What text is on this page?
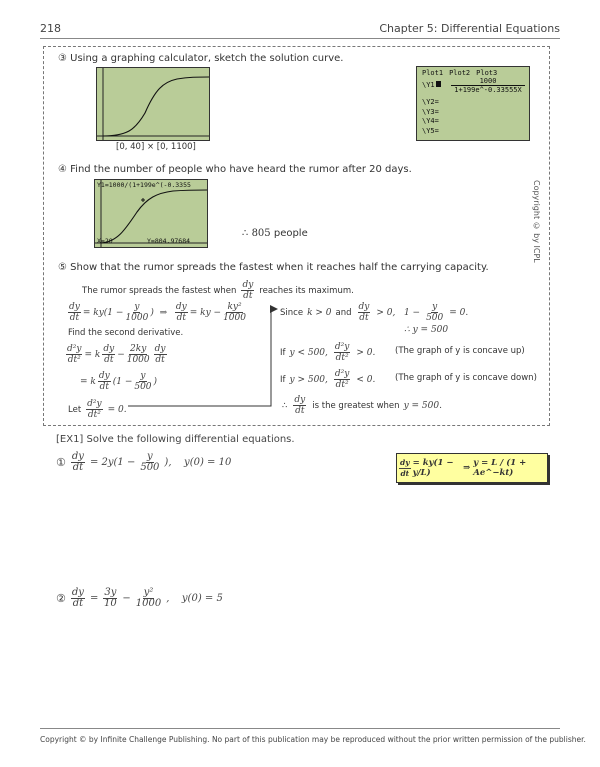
218	Chapter 5: Differential Equations
Copyright © by ICPL
③ Using a graphing calculator, sketch the solution curve.
[0, 40] × [0, 1100]
Plot1 Plot2 Plot3
\Y1	$\frac{1000}{1+199e\^{}-0.33555X}$
\Y2=
\Y3=
\Y4=
\Y5=
④ Find the number of people who have heard the rumor after 20 days.
Y1=1000/(1+199e^(-0.3355
X=20	Y=804.97684
∴ 805 people
⑤ Show that the rumor spreads the fastest when it reaches half the carrying capacity.
The rumor spreads the fastest when $\frac{dy}{dt}$ reaches its maximum.
$\frac{dy}{dt} = ky(1 - \frac{y}{1000}$ )  ⇒ $\frac{dy}{dt}$ = ky − $\frac{\text{ky²}}{1000}$
Find the second derivative.
$\frac{\text{d²y}}{\text{dt²}} = k \frac{dy}{dt} - \frac{2ky}{1000} \frac{dy}{dt}$
= k $\frac{dy}{dt} (1 - \frac{y}{500}$ )
Let $\frac{\text{d²y}}{\text{dt²}} = 0$.
Since k > 0 and $\frac{dy}{dt} > 0$,   $1 - \frac{y}{500} = 0$.
∴ y = 500
If y < 500, $\frac{\text{d²y}}{\text{dt²}} > 0$. (The graph of y is concave up)
If y > 500, $\frac{\text{d²y}}{\text{dt²}} < 0$. (The graph of y is concave down)
∴ $\frac{dy}{dt}$ is the greatest when y = 500.
[EX1] Solve the following differential equations.
① $\frac{dy}{dt} = 2y(1 - \frac{y}{500}$ ), y(0) = 10	$\frac{dy}{dt} = ky(1 - y/L)$	⇒ y = L / (1 + Ae^−kt)
② $\frac{dy}{dt} = \frac{3y}{10} - \frac{\text{y²}}{1000}$ , y(0) = 5
Copyright © by Infinite Challenge Publishing. No part of this publication may be reproduced without the prior written permission of the publisher.
